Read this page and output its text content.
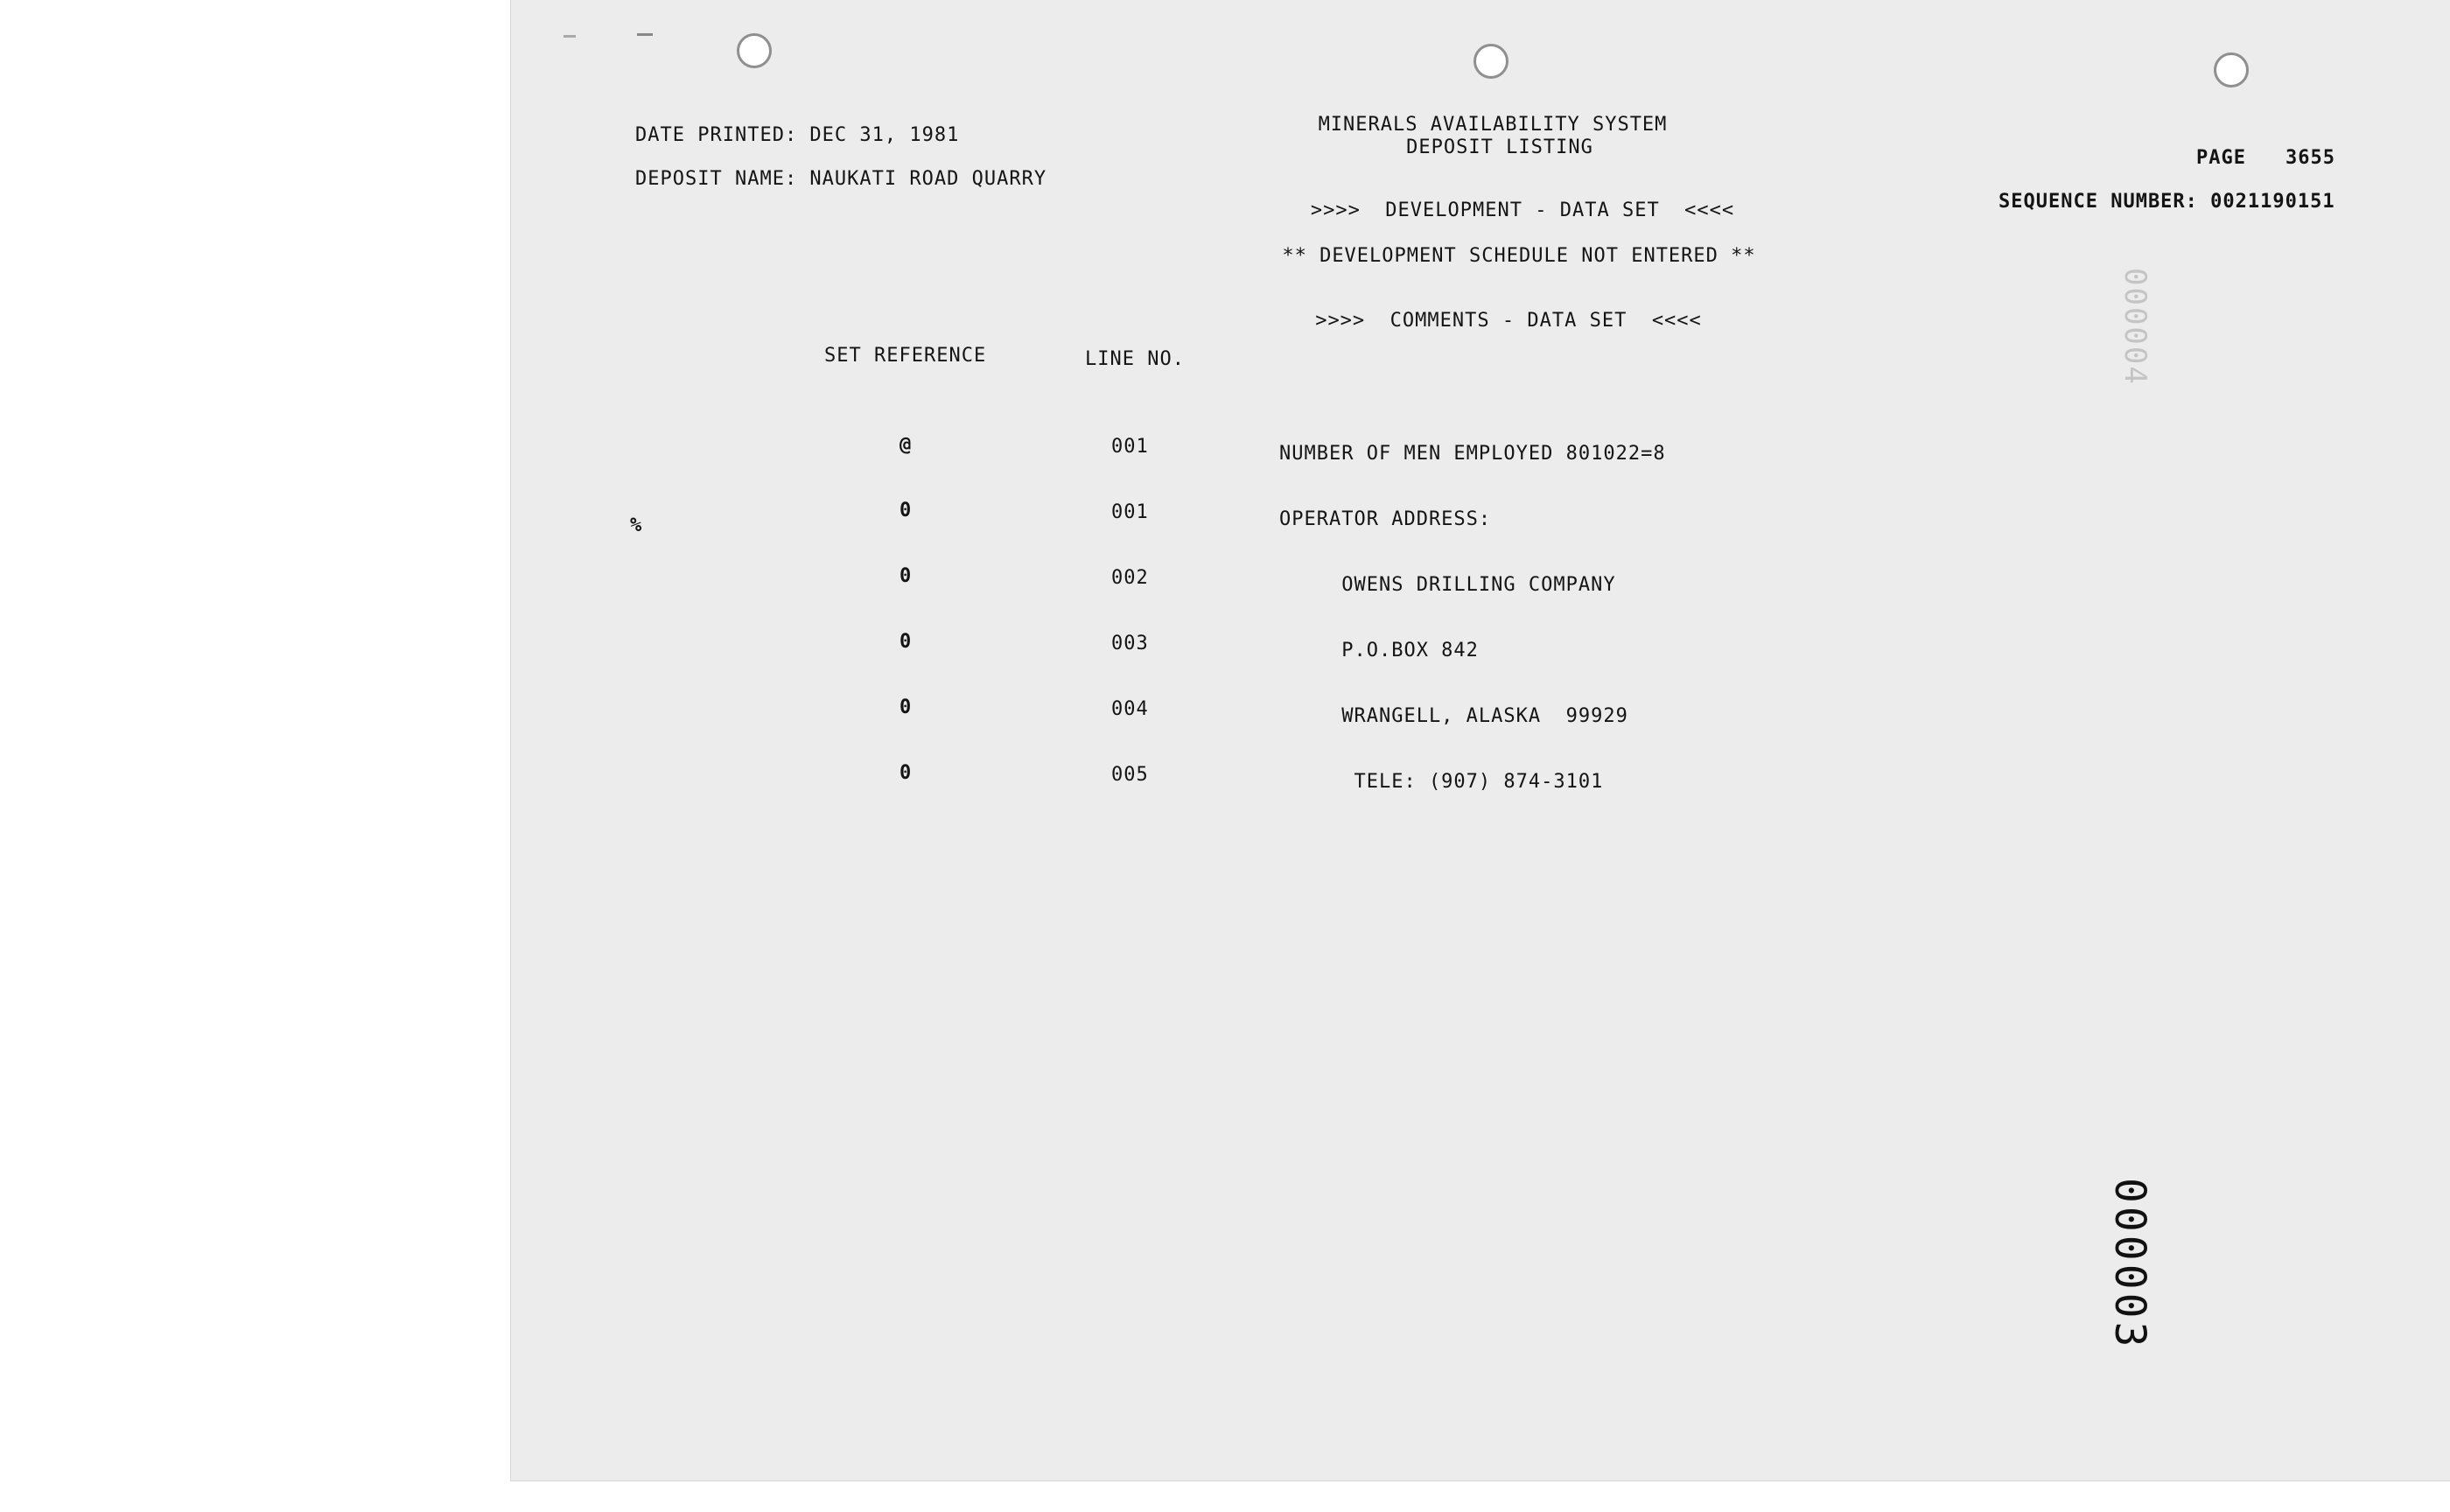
DATE PRINTED: DEC 31, 1981
DEPOSIT NAME: NAUKATI ROAD QUARRY
MINERALS AVAILABILITY SYSTEM
DEPOSIT LISTING	PAGE 3655
SEQUENCE NUMBER: 0021190151
>>>>  DEVELOPMENT - DATA SET  <<<<
** DEVELOPMENT SCHEDULE NOT ENTERED **
>>>>  COMMENTS - DATA SET  <<<<
SET REFERENCE	LINE NO.

@

0

0

0

0

0

001

001

002

003

004

005

NUMBER OF MEN EMPLOYED 801022=8

OPERATOR ADDRESS:

OWENS DRILLING COMPANY

P.O.BOX 842

WRANGELL, ALASKA  99929

TELE: (907) 874-3101

%
000004
000003
